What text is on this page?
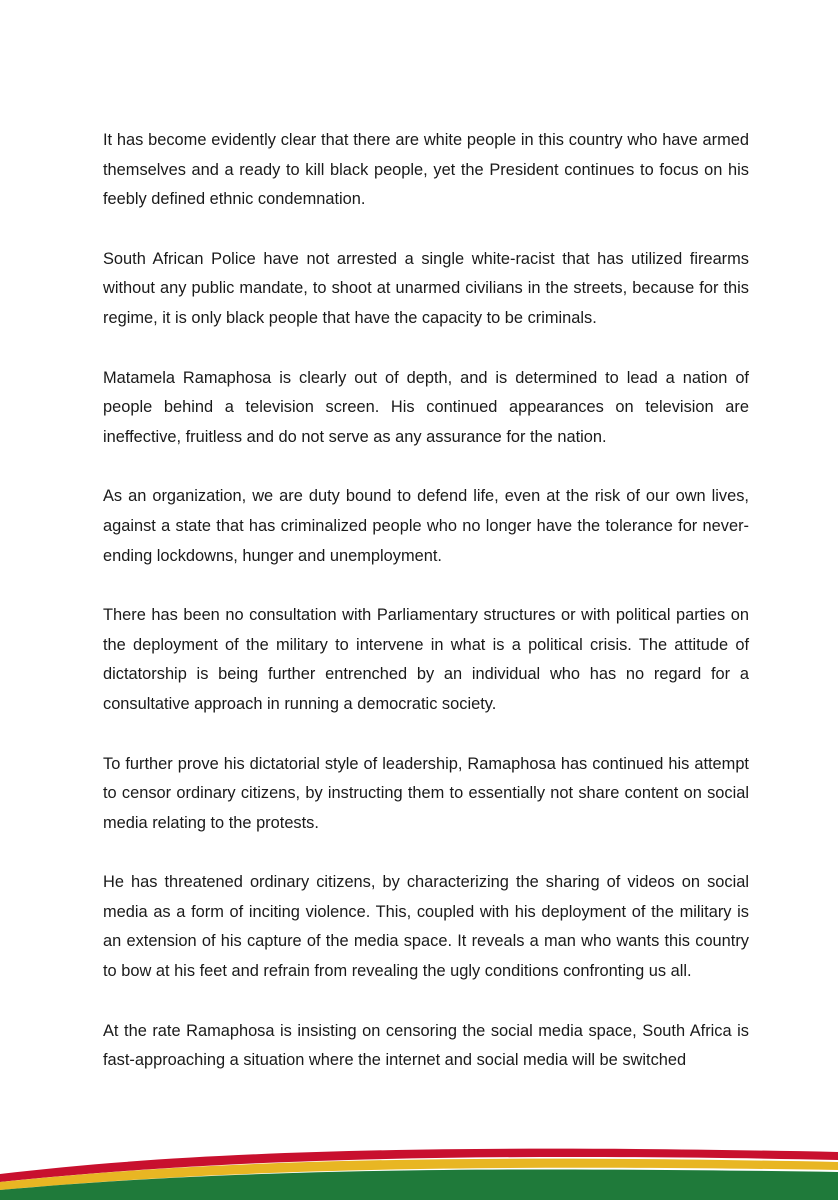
It has become evidently clear that there are white people in this country who have armed themselves and a ready to kill black people, yet the President continues to focus on his feebly defined ethnic condemnation.

South African Police have not arrested a single white-racist that has utilized firearms without any public mandate, to shoot at unarmed civilians in the streets, because for this regime, it is only black people that have the capacity to be criminals.

Matamela Ramaphosa is clearly out of depth, and is determined to lead a nation of people behind a television screen. His continued appearances on television are ineffective, fruitless and do not serve as any assurance for the nation.

As an organization, we are duty bound to defend life, even at the risk of our own lives, against a state that has criminalized people who no longer have the tolerance for never-ending lockdowns, hunger and unemployment.

There has been no consultation with Parliamentary structures or with political parties on the deployment of the military to intervene in what is a political crisis. The attitude of dictatorship is being further entrenched by an individual who has no regard for a consultative approach in running a democratic society.

To further prove his dictatorial style of leadership, Ramaphosa has continued his attempt to censor ordinary citizens, by instructing them to essentially not share content on social media relating to the protests.

He has threatened ordinary citizens, by characterizing the sharing of videos on social media as a form of inciting violence. This, coupled with his deployment of the military is an extension of his capture of the media space. It reveals a man who wants this country to bow at his feet and refrain from revealing the ugly conditions confronting us all.

At the rate Ramaphosa is insisting on censoring the social media space, South Africa is fast-approaching a situation where the internet and social media will be switched
